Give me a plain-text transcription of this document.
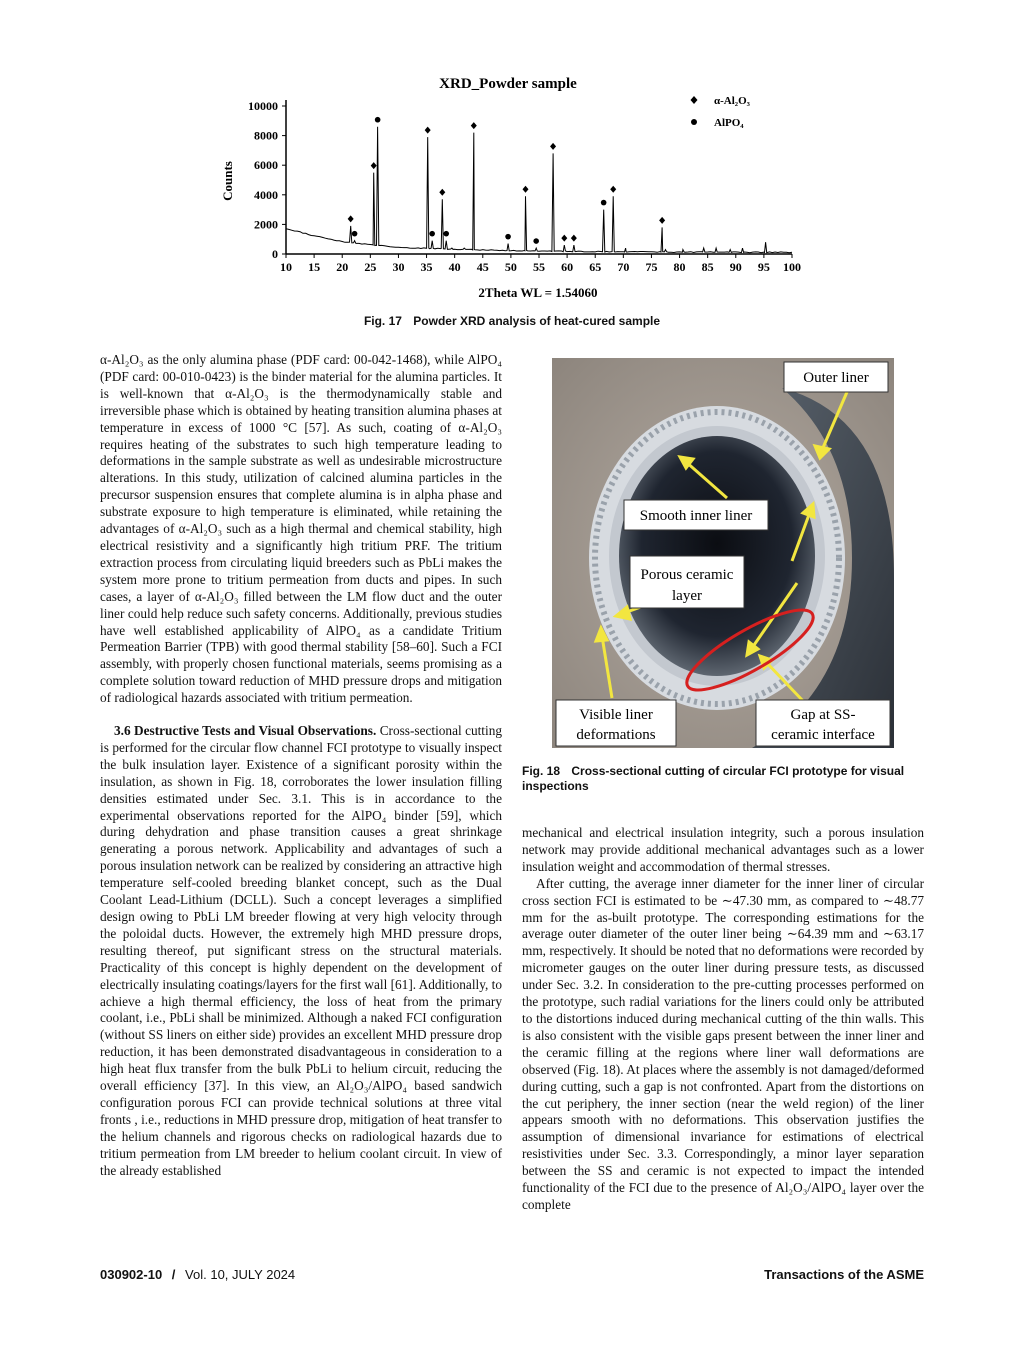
XRD_Powder sample
Counts
2Theta WL = 1.54060
10 15 20 25 30 35 40 45 50 55 60 65 70 75 80 85 90 95 100
0
2000
4000
6000
8000
10000	α-Al₂O₃
AlPO₄
Fig. 17 Powder XRD analysis of heat-cured sample

α-Al₂O₃ as the only alumina phase (PDF card: 00-042-1468), while AlPO₄ (PDF card: 00-010-0423) is the binder material for the alumina particles. It is well-known that α-Al₂O₃ is the thermodynamically stable and irreversible phase which is obtained by heating transition alumina phases at temperature in excess of 1000 °C [57]. As such, coating of α-Al₂O₃ requires heating of the substrates to such high temperature leading to deformations in the sample substrate as well as undesirable microstructure alterations. In this study, utilization of calcined alumina particles in the precursor suspension ensures that complete alumina is in alpha phase and substrate exposure to high temperature is eliminated, while retaining the advantages of α-Al₂O₃ such as a high thermal and chemical stability, high electrical resistivity and a significantly high tritium PRF. The tritium extraction process from circulating liquid breeders such as PbLi makes the system more prone to tritium permeation from ducts and pipes. In such cases, a layer of α-Al₂O₃ filled between the LM flow duct and the outer liner could help reduce such safety concerns. Additionally, previous studies have well established applicability of AlPO₄ as a candidate Tritium Permeation Barrier (TPB) with good thermal stability [58–60]. Such a FCI assembly, with properly chosen functional materials, seems promising as a complete solution toward reduction of MHD pressure drops and mitigation of radiological hazards associated with tritium permeation.

3.6 Destructive Tests and Visual Observations. Cross-sectional cutting is performed for the circular flow channel FCI prototype to visually inspect the bulk insulation layer. Existence of a significant porosity within the insulation, as shown in Fig. 18, corroborates the lower insulation filling densities estimated under Sec. 3.1. This is in accordance to the experimental observations reported for the AlPO₄ binder [59], which during dehydration and phase transition causes a great shrinkage generating a porous network. Applicability and advantages of such a porous insulation network can be realized by considering an attractive high temperature self-cooled breeding blanket concept, such as the Dual Coolant Lead-Lithium (DCLL). Such a concept leverages a simplified design owing to PbLi LM breeder flowing at very high velocity through the poloidal ducts. However, the extremely high MHD pressure drops, resulting thereof, put significant stress on the structural materials. Practicality of this concept is highly dependent on the development of electrically insulating coatings/layers for the first wall [61]. Additionally, to achieve a high thermal efficiency, the loss of heat from the primary coolant, i.e., PbLi shall be minimized. Although a naked FCI configuration (without SS liners on either side) provides an excellent MHD pressure drop reduction, it has been demonstrated disadvantageous in consideration to a high heat flux transfer from the bulk PbLi to helium circuit, reducing the overall efficiency [37]. In this view, an Al₂O₃/AlPO₄ based sandwich configuration porous FCI can provide technical solutions at three vital fronts , i.e., reductions in MHD pressure drop, mitigation of heat transfer to the helium channels and rigorous checks on radiological hazards due to tritium permeation from LM breeder to helium coolant circuit. In view of the already established

Outer liner
Smooth inner liner
Porous ceramic
layer
Visible liner
deformations
Gap at SS-
ceramic interface
Fig. 18 Cross-sectional cutting of circular FCI prototype for visual inspections

mechanical and electrical insulation integrity, such a porous insulation network may provide additional mechanical advantages such as a lower insulation weight and accommodation of thermal stresses.

After cutting, the average inner diameter for the inner liner of circular cross section FCI is estimated to be ∼47.30 mm, as compared to ∼48.77 mm for the as-built prototype. The corresponding estimations for the average outer diameter of the outer liner being ∼64.39 mm and ∼63.17 mm, respectively. It should be noted that no deformations were recorded by micrometer gauges on the outer liner during pressure tests, as discussed under Sec. 3.2. In consideration to the pre-cutting processes performed on the prototype, such radial variations for the liners could only be attributed to the distortions induced during mechanical cutting of the thin walls. This is also consistent with the visible gaps present between the inner liner and the ceramic filling at the regions where liner wall deformations are observed (Fig. 18). At places where the assembly is not damaged/deformed during cutting, such a gap is not confronted. Apart from the distortions on the cut periphery, the inner section (near the weld region) of the liner appears smooth with no deformations. This observation justifies the assumption of dimensional invariance for estimations of electrical resistivities under Sec. 3.3. Correspondingly, a minor layer separation between the SS and ceramic is not expected to impact the intended functionality of the FCI due to the presence of Al₂O₃/AlPO₄ layer over the complete

030902-10 / Vol. 10, JULY 2024	Transactions of the ASME
